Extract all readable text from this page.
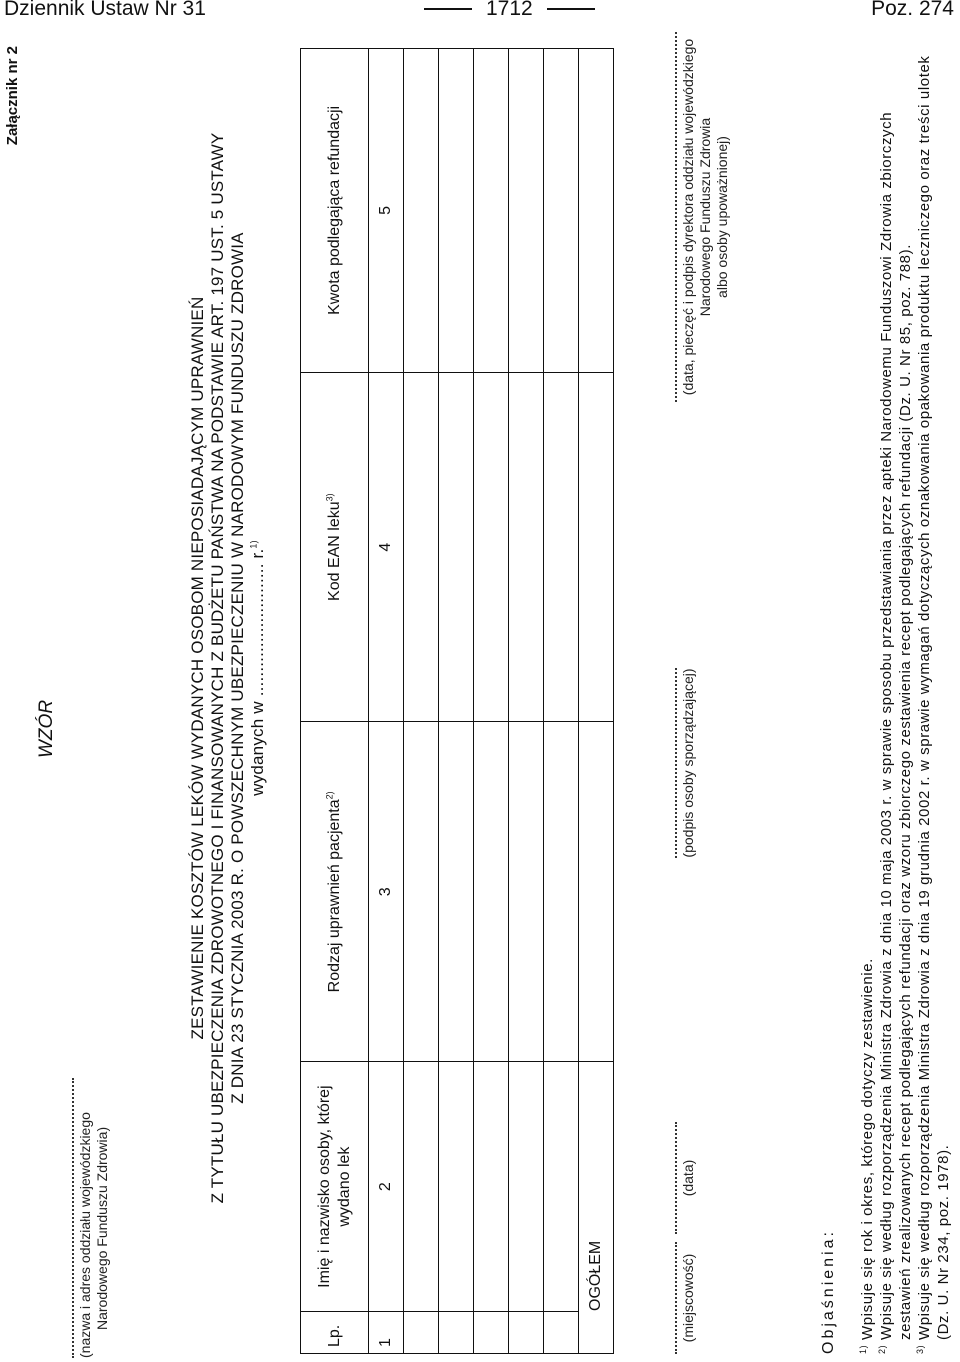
Dziennik Ustaw Nr 31	1712	Poz. 274
Załącznik nr 2
(nazwa i adres oddziału wojewódzkiego Narodowego Funduszu Zdrowia)
WZÓR	ZESTAWIENIE KOSZTÓW LEKÓW WYDANYCH OSOBOM NIEPOSIADAJĄCYM UPRAWNIEŃ Z TYTUŁU UBEZPIECZENIA ZDROWOTNEGO I FINANSOWANYCH Z BUDŻETU PAŃSTWA NA PODSTAWIE ART. 197 UST. 5 USTAWY Z DNIA 23 STYCZNIA 2003 R. O POWSZECHNYM UBEZPIECZENIU W NARODOWYM FUNDUSZU ZDROWIA wydanych w ........................... r.$^{1)}$
Lp.	Imię i nazwisko osoby, której wydano lek	Rodzaj uprawnień pacjenta$^{2)}$	Kod EAN leku$^{3)}$	Kwota podlegająca refundacji
1	2	3	4	5

OGÓŁEM					(miejscowość)
(data)
(podpis osoby sporządzającej)
(data, pieczęć i podpis dyrektora oddziału wojewódzkiego Narodowego Funduszu Zdrowia albo osoby upoważnionej)
Objaśnienia: $^{1)}$ Wpisuje się rok i okres, którego dotyczy zestawienie.

$^{2)}$ Wpisuje się według rozporządzenia Ministra Zdrowia z dnia 10 maja 2003 r. w sprawie sposobu przedstawiania przez apteki Narodowemu Funduszowi Zdrowia zbiorczych zestawień zrealizowanych recept podlegających refundacji oraz wzoru zbiorczego zestawienia recept podlegających refundacji (Dz. U. Nr 85, poz. 788).

$^{3)}$ Wpisuje się według rozporządzenia Ministra Zdrowia z dnia 19 grudnia 2002 r. w sprawie wymagań dotyczących oznakowania opakowania produktu leczniczego oraz treści ulotek (Dz. U. Nr 234, poz. 1978).
